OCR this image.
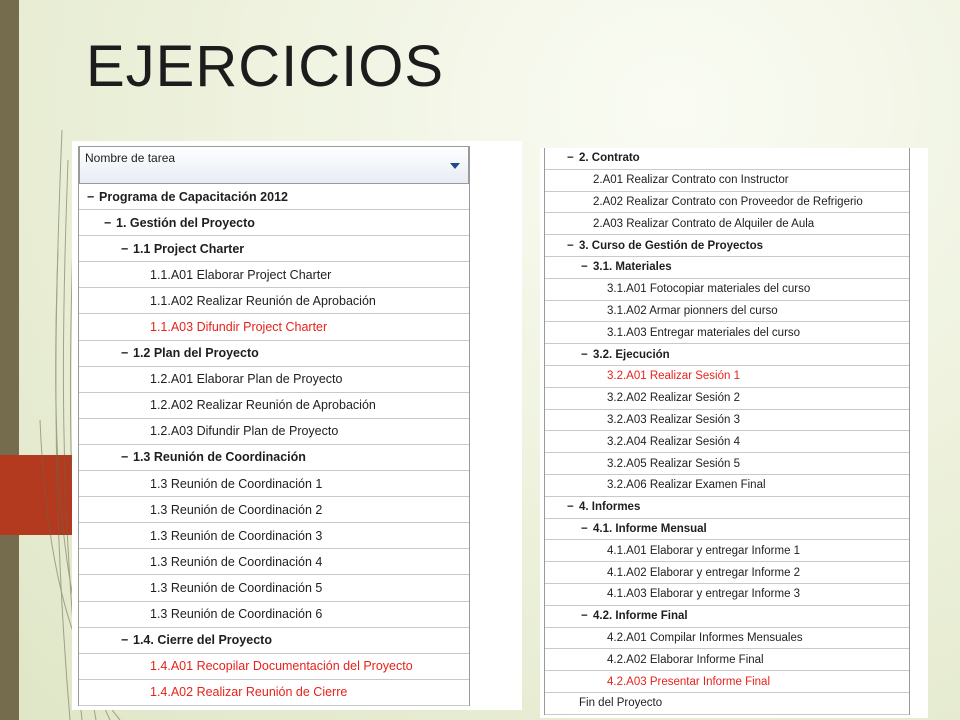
EJERCICIOS
Nombre de tarea
− Programa de Capacitación 2012
− 1. Gestión del Proyecto
− 1.1 Project Charter
1.1.A01 Elaborar Project Charter
1.1.A02 Realizar Reunión de Aprobación
1.1.A03 Difundir Project Charter
− 1.2 Plan del Proyecto
1.2.A01 Elaborar Plan de Proyecto
1.2.A02 Realizar Reunión de Aprobación
1.2.A03 Difundir Plan de Proyecto
− 1.3 Reunión de Coordinación
1.3 Reunión de Coordinación 1
1.3 Reunión de Coordinación 2
1.3 Reunión de Coordinación 3
1.3 Reunión de Coordinación 4
1.3 Reunión de Coordinación 5
1.3 Reunión de Coordinación 6
− 1.4. Cierre del Proyecto
1.4.A01 Recopilar Documentación del Proyecto
1.4.A02 Realizar Reunión de Cierre
− 2. Contrato
2.A01 Realizar Contrato con Instructor
2.A02 Realizar Contrato con Proveedor de Refrigerio
2.A03 Realizar Contrato de Alquiler de Aula
− 3. Curso de Gestión de Proyectos
− 3.1. Materiales
3.1.A01 Fotocopiar materiales del curso
3.1.A02 Armar pionners del curso
3.1.A03 Entregar materiales del curso
− 3.2. Ejecución
3.2.A01 Realizar Sesión 1
3.2.A02 Realizar Sesión 2
3.2.A03 Realizar Sesión 3
3.2.A04 Realizar Sesión 4
3.2.A05 Realizar Sesión 5
3.2.A06 Realizar Examen Final
− 4. Informes
− 4.1. Informe Mensual
4.1.A01 Elaborar y entregar Informe 1
4.1.A02 Elaborar y entregar Informe 2
4.1.A03 Elaborar y entregar Informe 3
− 4.2. Informe Final
4.2.A01 Compilar Informes Mensuales
4.2.A02 Elaborar Informe Final
4.2.A03 Presentar Informe Final
Fin del Proyecto
